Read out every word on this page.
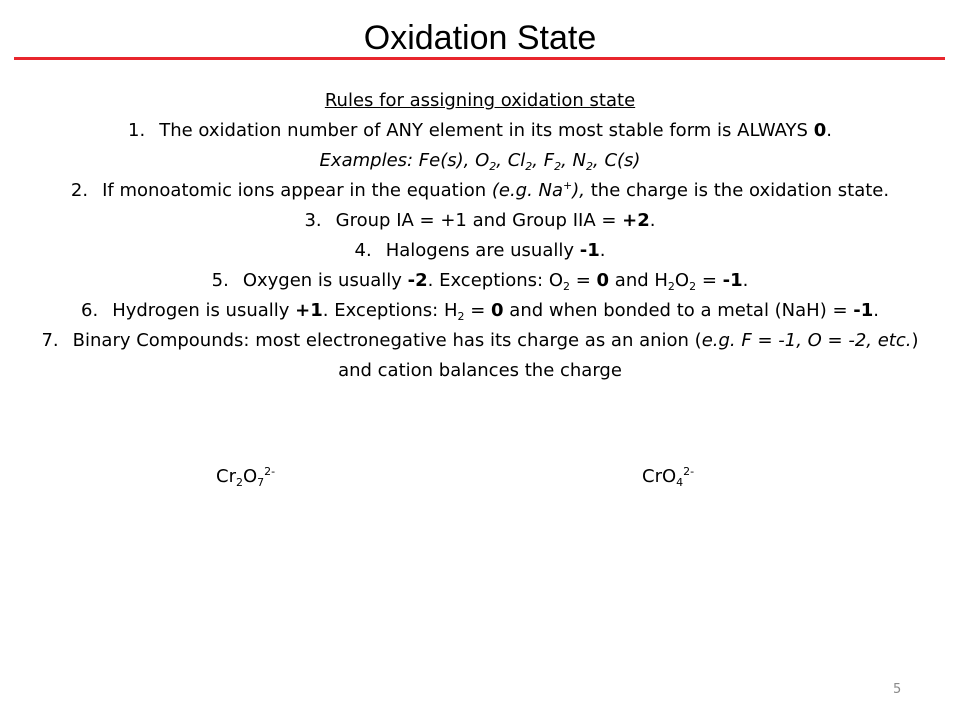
Oxidation State
Rules for assigning oxidation state
1. The oxidation number of ANY element in its most stable form is ALWAYS 0.
Examples: Fe(s), $O_2$, $Cl_2$, $F_2$, $N_2$, C(s)
2. If monoatomic ions appear in the equation (e.g. Na+), the charge is the oxidation state.
3. Group IA = +1 and Group IIA = +2.
4. Halogens are usually -1.
5. Oxygen is usually -2. Exceptions: $O_2 = 0$ and $H_2O_2 = -1$.
6. Hydrogen is usually +1. Exceptions: $H_2 = 0$ and when bonded to a metal (NaH) = -1.
7. Binary Compounds: most electronegative has its charge as an anion (e.g. F = -1, O = -2, etc.) and cation balances the charge
$Cr_2O_7^{2-}$	CrO$_4^{2-}$
5
